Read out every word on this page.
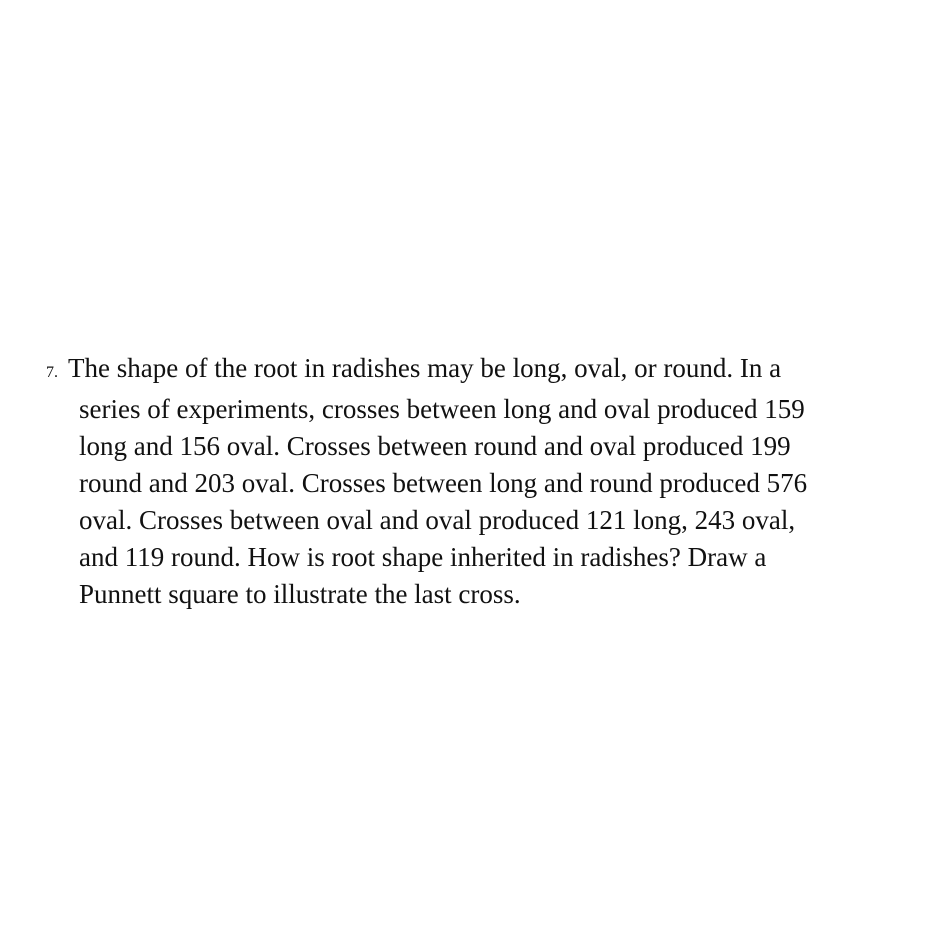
7. The shape of the root in radishes may be long, oval, or round. In a
series of experiments, crosses between long and oval produced 159
long and 156 oval. Crosses between round and oval produced 199
round and 203 oval. Crosses between long and round produced 576
oval. Crosses between oval and oval produced 121 long, 243 oval,
and 119 round. How is root shape inherited in radishes? Draw a
Punnett square to illustrate the last cross.
